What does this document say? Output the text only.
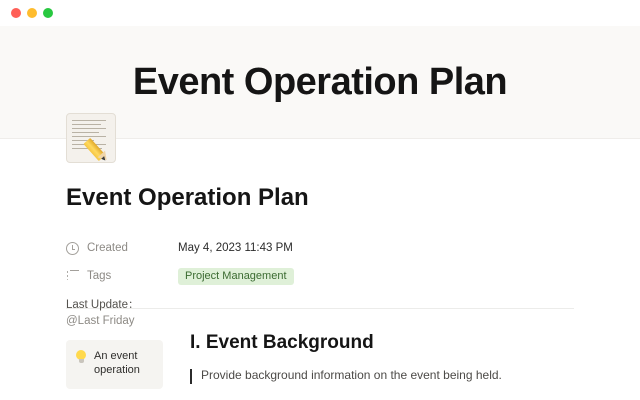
Event Operation Plan
Event Operation Plan
Created	May 4, 2023 11:43 PM
Tags	Project Management
Last Update：
@Last Friday
An event operation
I. Event Background
Provide background information on the event being held.
